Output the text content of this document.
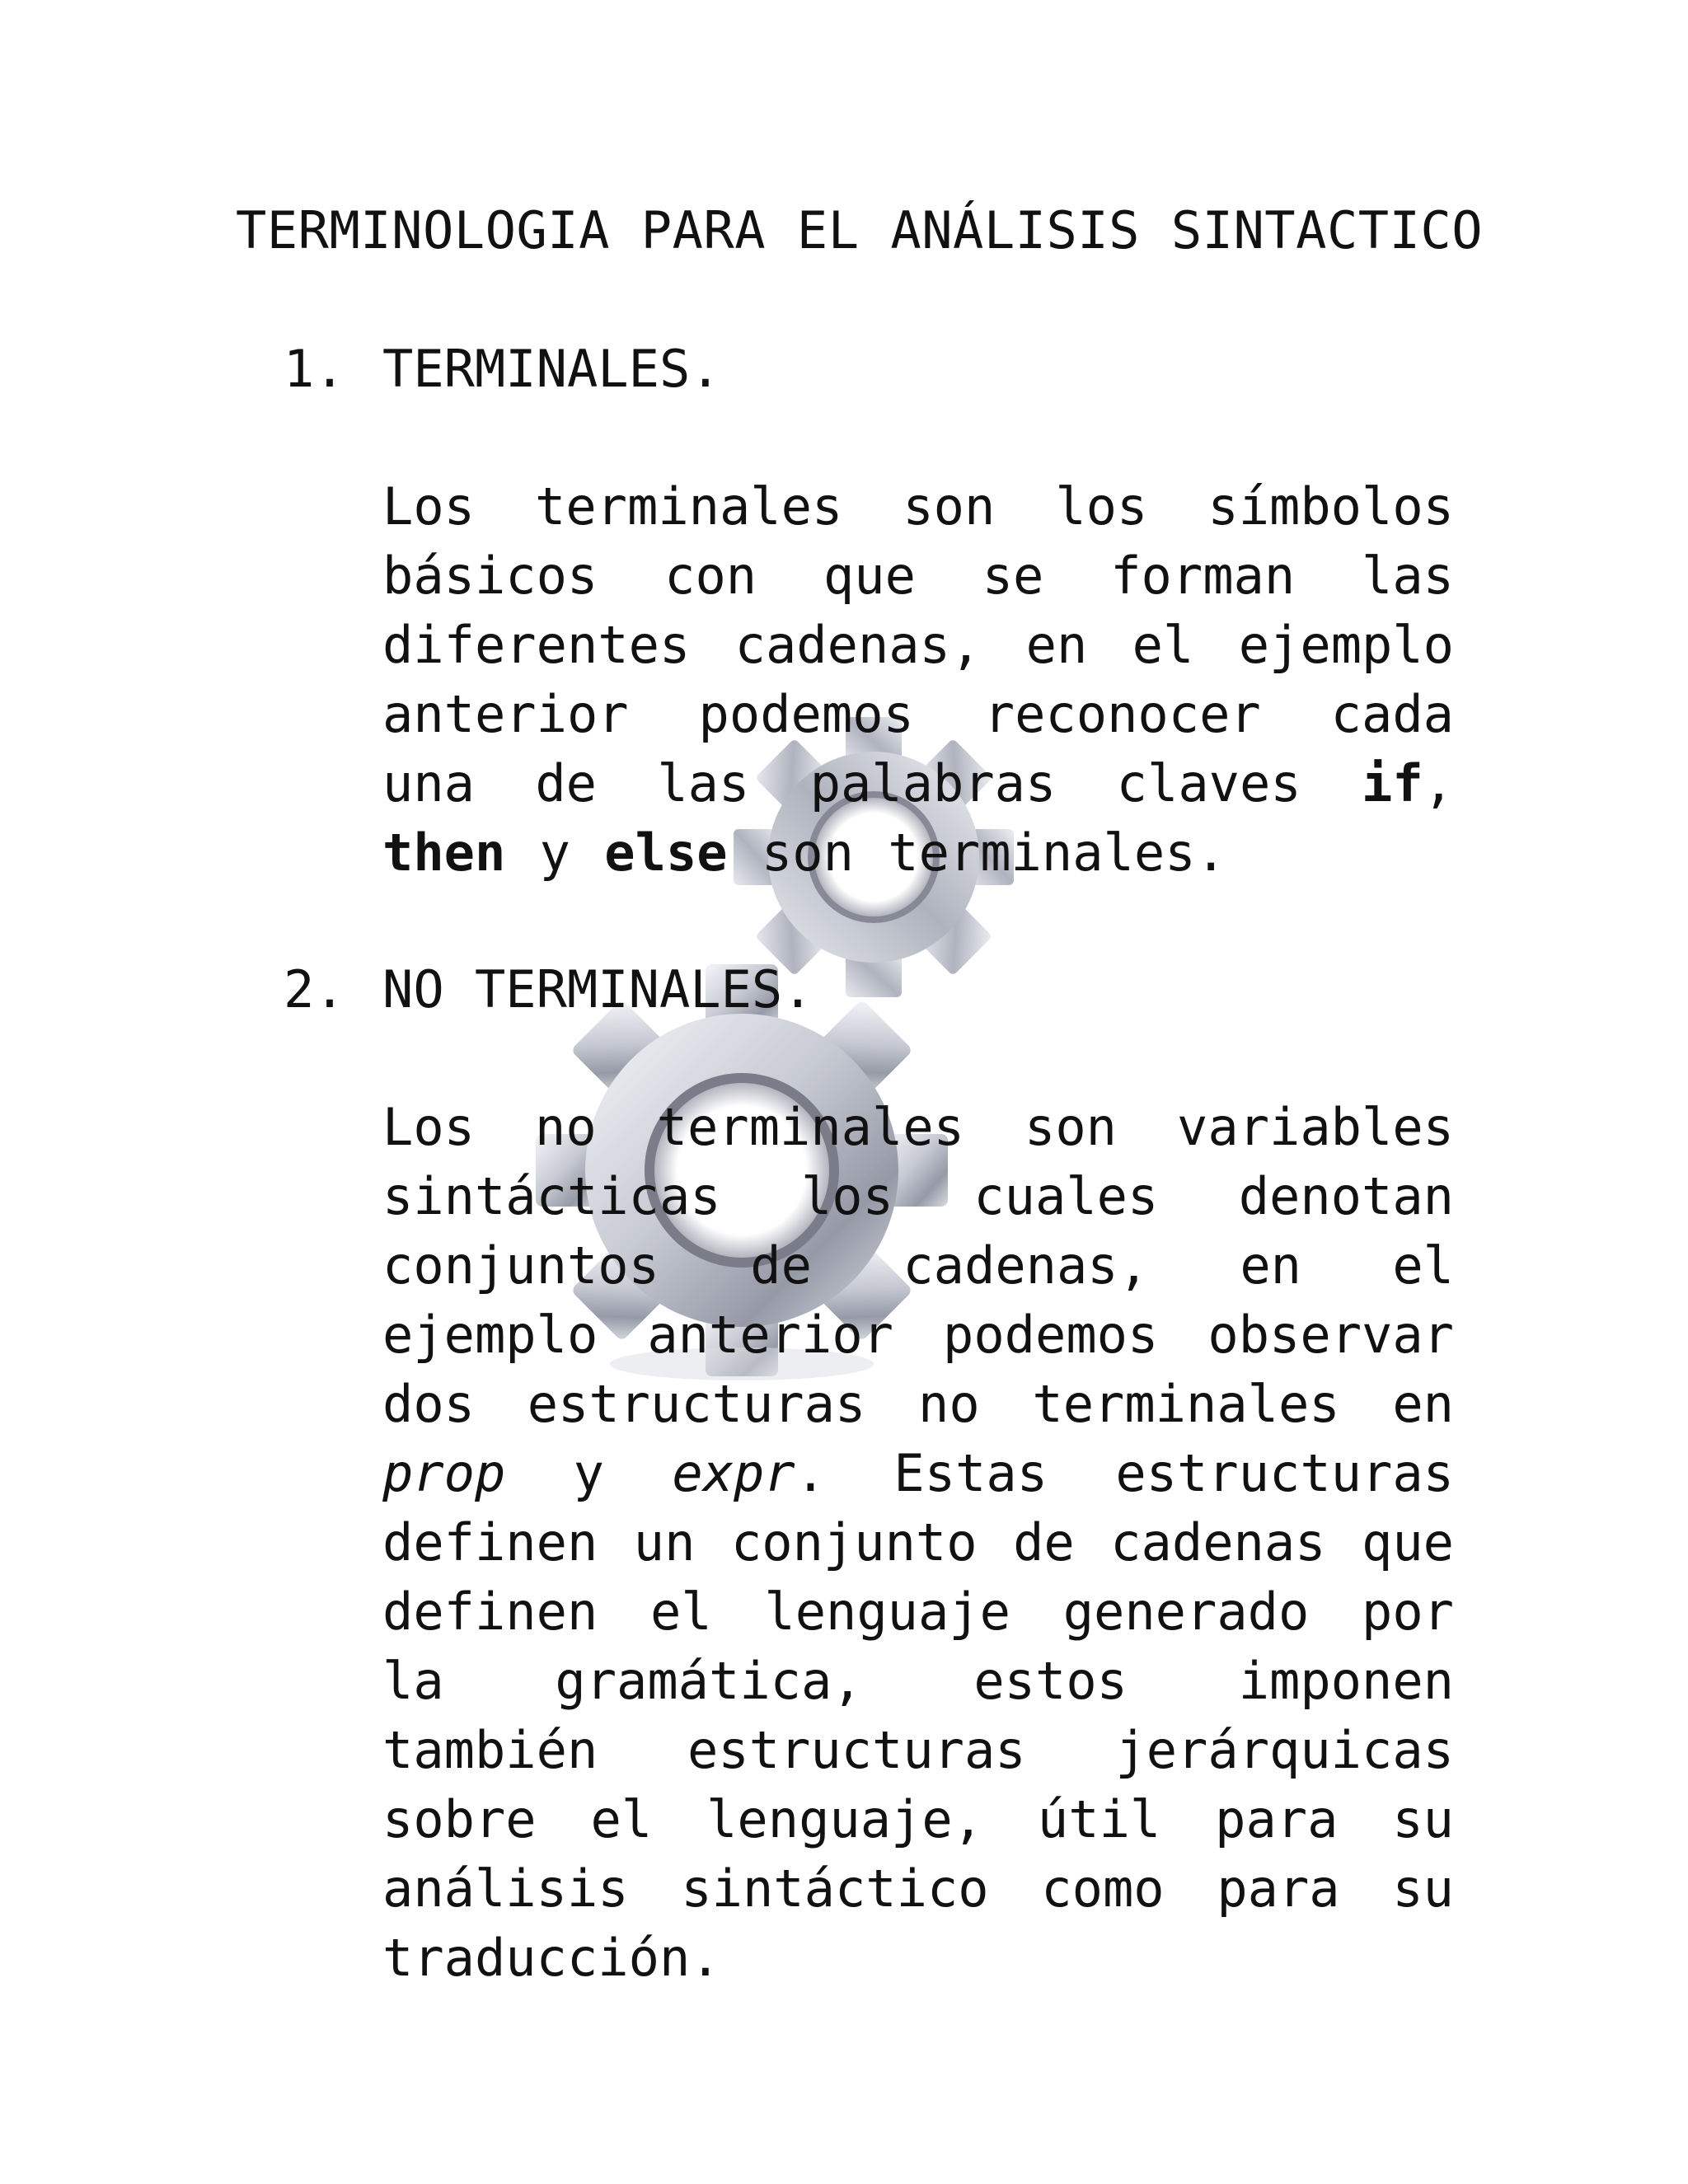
TERMINOLOGIA PARA EL ANÁLISIS SINTACTICO
1. TERMINALES.
Los terminales son los símbolos básicos con que se forman las diferentes cadenas, en el ejemplo anterior podemos reconocer cada una de las palabras claves if, then y else son terminales.
2. NO TERMINALES.
Los no terminales son variables sintácticas los cuales denotan conjuntos de cadenas, en el ejemplo anterior podemos observar dos estructuras no terminales en prop y expr. Estas estructuras definen un conjunto de cadenas que definen el lenguaje generado por la gramática, estos imponen también estructuras jerárquicas sobre el lenguaje, útil para su análisis sintáctico como para su traducción.
